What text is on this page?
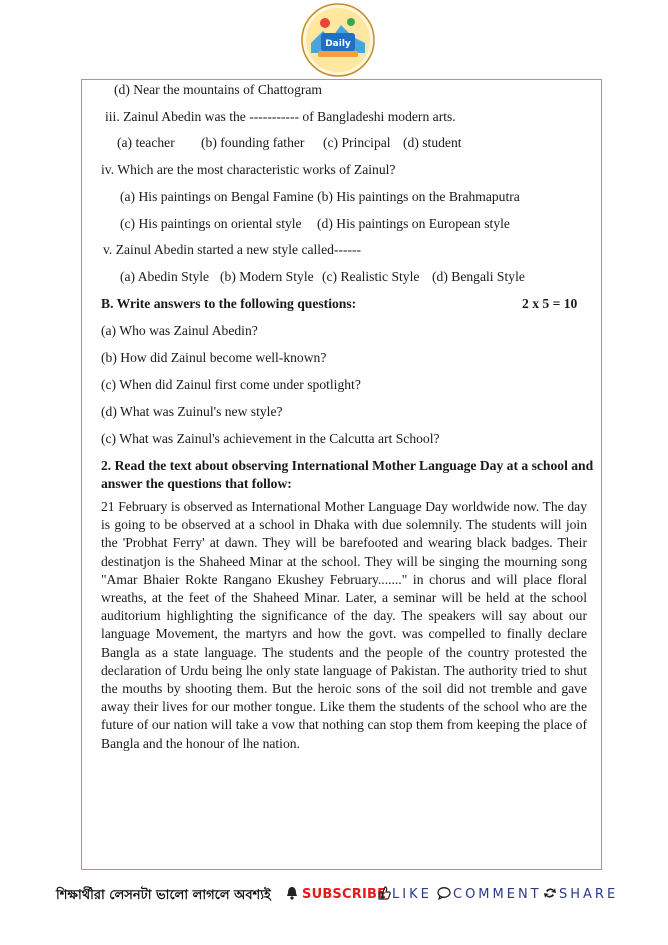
Daily
(d) Near the mountains of Chattogram
iii. Zainul Abedin was the ----------- of Bangladeshi modern arts.
(a) teacher (b) founding father (c) Principal (d) student
iv. Which are the most characteristic works of Zainul?
(a) His paintings on Bengal Famine (b) His paintings on the Brahmaputra
(c) His paintings on oriental style (d) His paintings on European style
v. Zainul Abedin started a new style called------
(a) Abedin Style (b) Modern Style (c) Realistic Style (d) Bengali Style
B. Write answers to the following questions:	2 x 5 = 10
(a) Who was Zainul Abedin?
(b) How did Zainul become well-known?
(c) When did Zainul first come under spotlight?
(d) What was Zuinul's new style?
(c) What was Zainul's achievement in the Calcutta art School?
2. Read the text about observing International Mother Language Day at a school and
answer the questions that follow:
21 February is observed as International Mother Language Day worldwide now. The day is going to be observed at a school in Dhaka with due solemnily. The students will join the 'Probhat Ferry' at dawn. They will be barefooted and wearing black badges. Their destinatjon is the Shaheed Minar at the school. They will be singing the mourning song "Amar Bhaier Rokte Rangano Ekushey February......." in chorus and will place floral wreaths, at the feet of the Shaheed Minar. Later, a seminar will be held at the school auditorium highlighting the significance of the day. The speakers will say about our language Movement, the martyrs and how the govt. was compelled to finally declare Bangla as a state language. The students and the people of the country protested the declaration of Urdu being lhe only state language of Pakistan. The authority tried to shut the mouths by shooting them. But the heroic sons of the soil did not tremble and gave away their lives for our mother tongue. Like them the students of the school who are the future of our nation will take a vow that nothing can stop them from keeping the place of Bangla and the honour of lhe nation.
শিক্ষার্থীরা লেসনটা ভালো লাগলে অবশ্যই SUBSCRIBE LIKE COMMENT SHARE
